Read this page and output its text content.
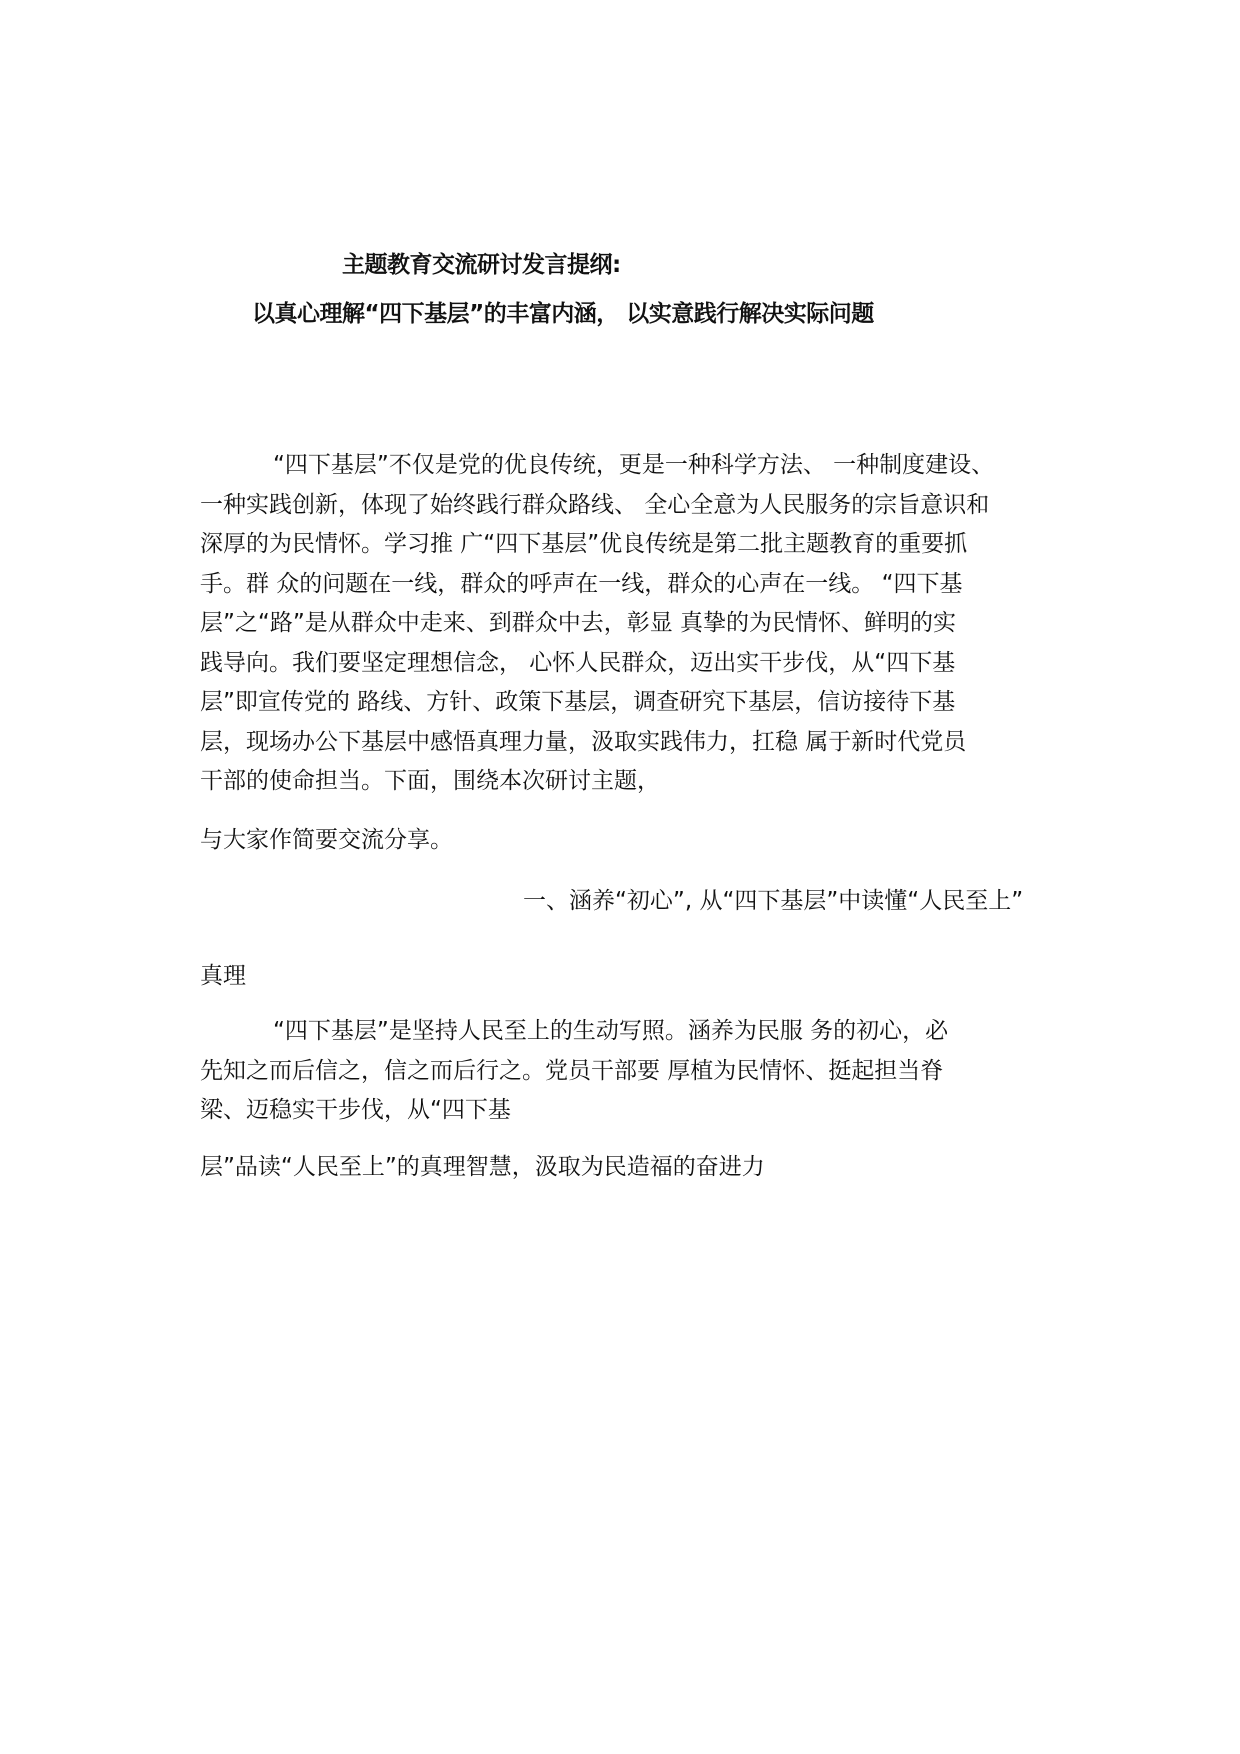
主题教育交流研讨发言提纲:
以真心理解“四下基层”的丰富内涵， 以实意践行解决实际问题
“四下基层”不仅是党的优良传统，更是一种科学方法、 一种制度建设、
一种实践创新，体现了始终践行群众路线、 全心全意为人民服务的宗旨意识和
深厚的为民情怀。学习推 广“四下基层”优良传统是第二批主题教育的重要抓
手。群 众的问题在一线，群众的呼声在一线，群众的心声在一线。 “四下基
层”之“路”是从群众中走来、到群众中去，彰显 真挚的为民情怀、鲜明的实
践导向。我们要坚定理想信念， 心怀人民群众，迈出实干步伐，从“四下基
层”即宣传党的 路线、方针、政策下基层，调查研究下基层，信访接待下基
层，现场办公下基层中感悟真理力量，汲取实践伟力，扛稳 属于新时代党员
干部的使命担当。下面，围绕本次研讨主题，
与大家作简要交流分享。
一、涵养“初心”, 从“四下基层”中读懂“人民至上”
真理
“四下基层”是坚持人民至上的生动写照。涵养为民服 务的初心，必
先知之而后信之，信之而后行之。党员干部要 厚植为民情怀、挺起担当脊
梁、迈稳实干步伐，从“四下基
层”品读“人民至上”的真理智慧，汲取为民造福的奋进力
